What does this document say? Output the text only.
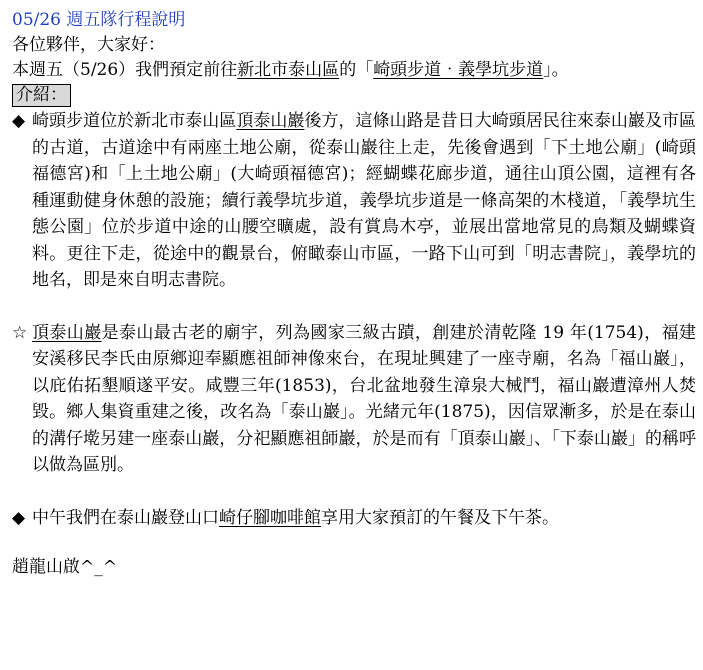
05/26 週五隊行程說明
各位夥伴，大家好：
本週五（5/26）我們預定前往新北市泰山區的「崎頭步道‧義學坑步道」。
介紹：
◆ 崎頭步道位於新北市泰山區頂泰山巖後方，這條山路是昔日大崎頭居民往來泰山巖及市區的古道，古道途中有兩座土地公廟，從泰山巖往上走，先後會遇到「下土地公廟」(崎頭福德宮)和「上土地公廟」(大崎頭福德宮)；經蝴蝶花廊步道，通往山頂公園，這裡有各種運動健身休憩的設施；續行義學坑步道，義學坑步道是一條高架的木棧道，「義學坑生態公園」位於步道中途的山腰空曠處，設有賞鳥木亭，並展出當地常見的鳥類及蝴蝶資料。更往下走，從途中的觀景台，俯瞰泰山市區，一路下山可到「明志書院」，義學坑的地名，即是來自明志書院。
☆ 頂泰山巖是泰山最古老的廟宇，列為國家三級古蹟，創建於清乾隆 19 年(1754)，福建安溪移民李氏由原鄉迎奉顯應祖師神像來台，在現址興建了一座寺廟，名為「福山巖」，以庇佑拓墾順遂平安。咸豐三年(1853)，台北盆地發生漳泉大械鬥，福山巖遭漳州人焚毀。鄉人集資重建之後，改名為「泰山巖」。光緒元年(1875)，因信眾漸多，於是在泰山的溝仔墘另建一座泰山巖，分祀顯應祖師巖，於是而有「頂泰山巖」、「下泰山巖」的稱呼以做為區別。
◆ 中午我們在泰山巖登山口崎仔腳咖啡館享用大家預訂的午餐及下午茶。
趙龍山啟^_^
